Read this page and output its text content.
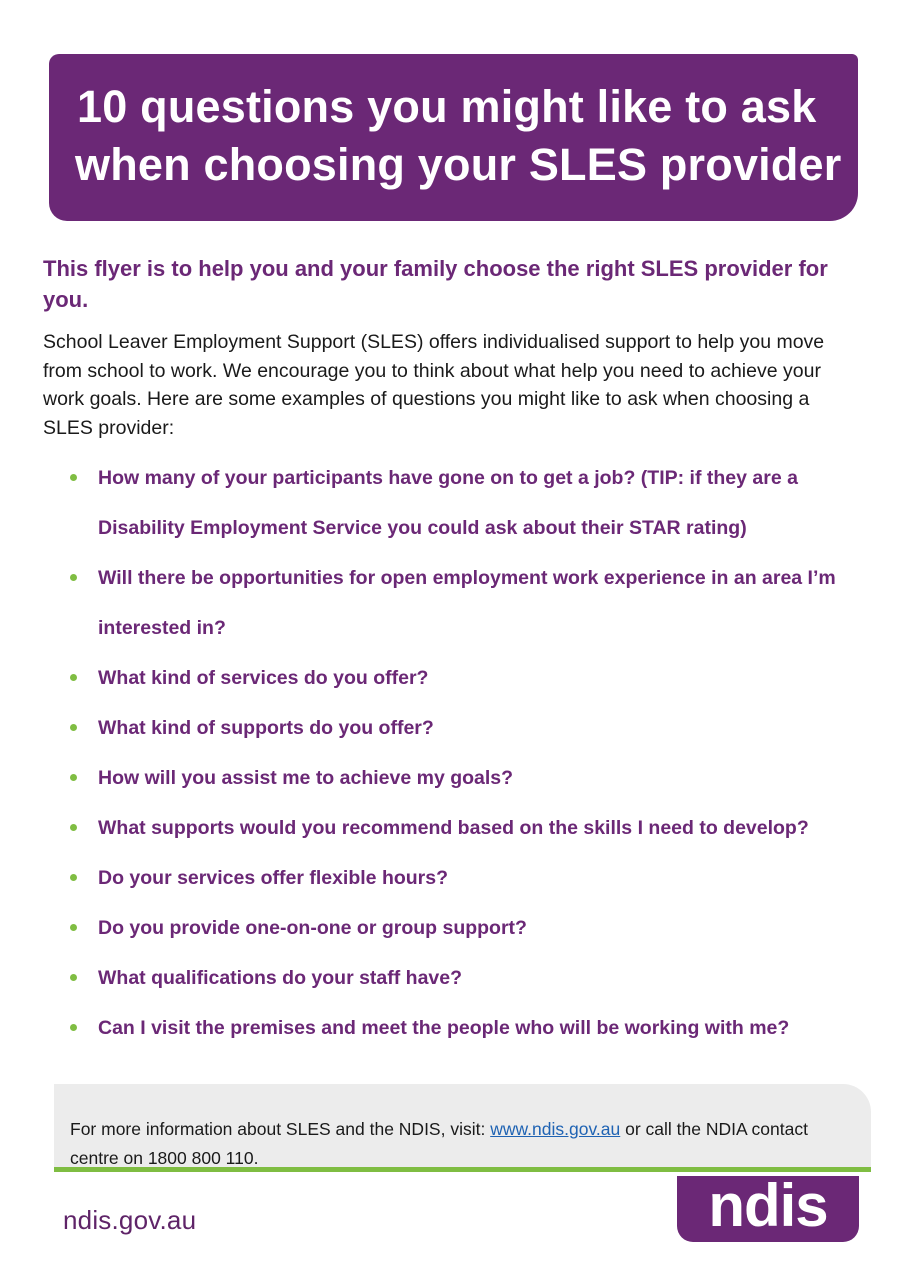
10 questions you might like to ask
when choosing your SLES provider
This flyer is to help you and your family choose the right SLES provider for you.

School Leaver Employment Support (SLES) offers individualised support to help you move from school to work. We encourage you to think about what help you need to achieve your work goals. Here are some examples of questions you might like to ask when choosing a SLES provider:

How many of your participants have gone on to get a job? (TIP: if they are a Disability Employment Service you could ask about their STAR rating)
Will there be opportunities for open employment work experience in an area I’m interested in?
What kind of services do you offer?
What kind of supports do you offer?
How will you assist me to achieve my goals?
What supports would you recommend based on the skills I need to develop?
Do your services offer flexible hours?
Do you provide one-on-one or group support?
What qualifications do your staff have?
Can I visit the premises and meet the people who will be working with me?

For more information about SLES and the NDIS, visit: www.ndis.gov.au or call the NDIA contact centre on 1800 800 110.

ndis.gov.au	ndis
